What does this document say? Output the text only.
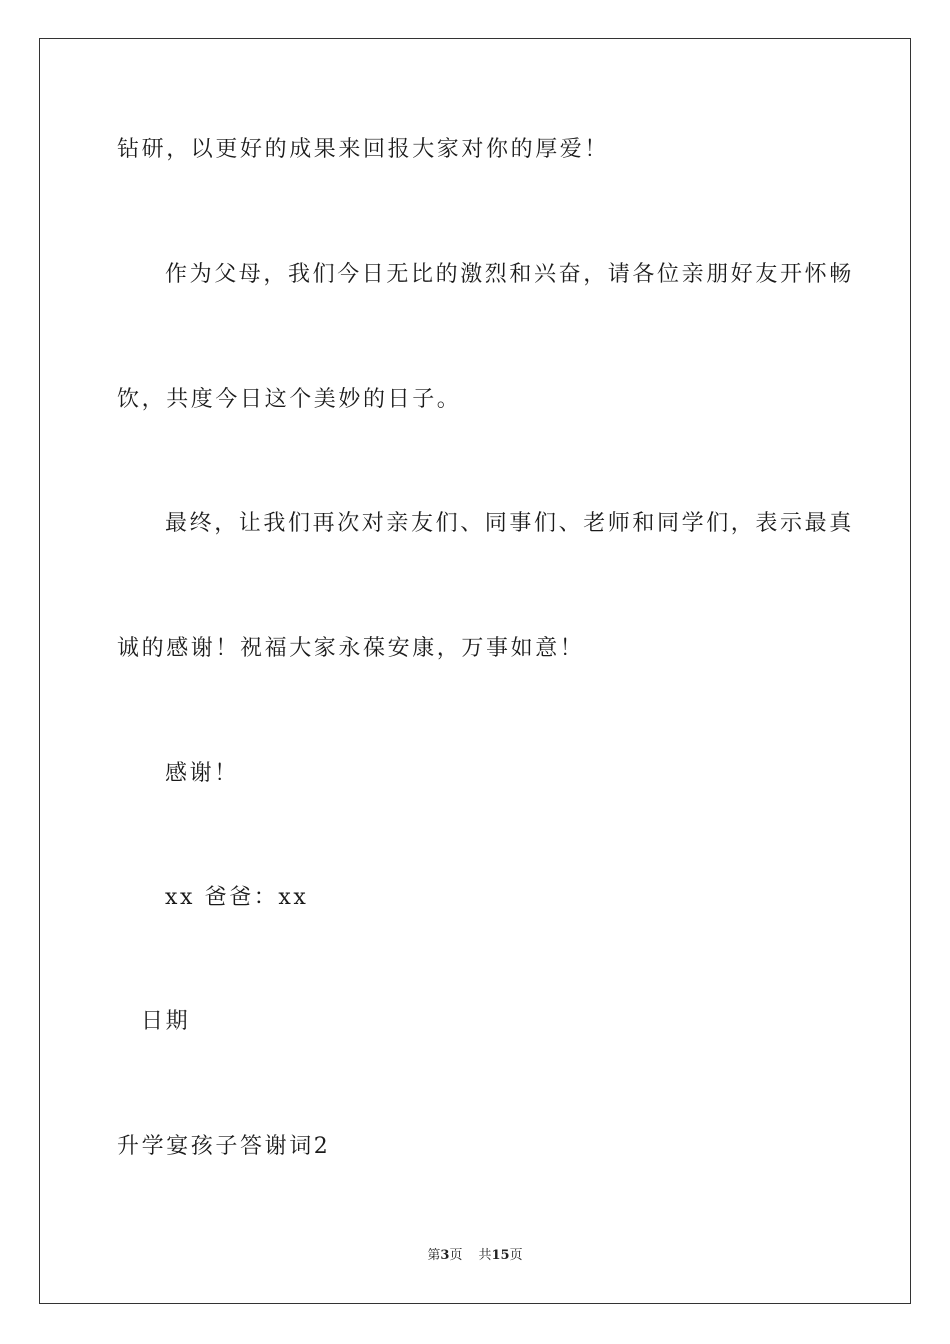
钻研，以更好的成果来回报大家对你的厚爱！
作为父母，我们今日无比的激烈和兴奋，请各位亲朋好友开怀畅
饮，共度今日这个美妙的日子。
最终，让我们再次对亲友们、同事们、老师和同学们，表示最真
诚的感谢！祝福大家永葆安康，万事如意！
感谢！
xx 爸爸：xx
日期
升学宴孩子答谢词2
第3页 共15页
